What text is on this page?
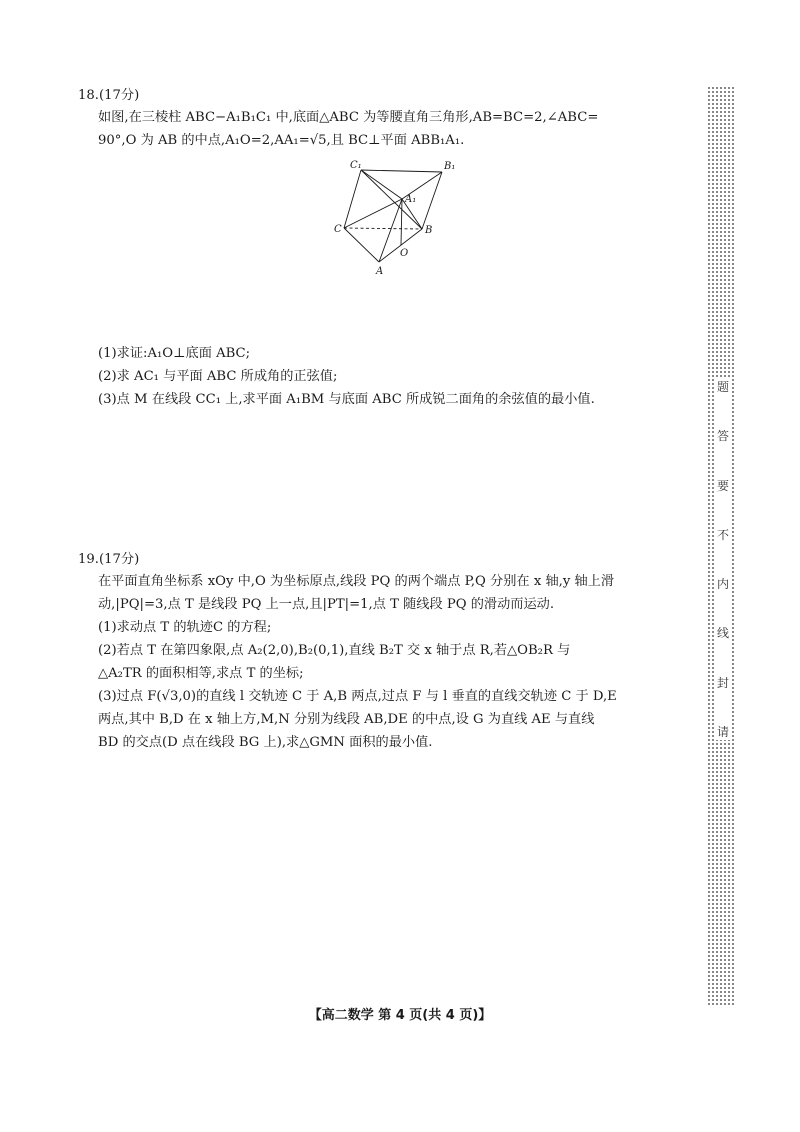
18.(17分)
如图,在三棱柱 ABC−A₁B₁C₁ 中,底面△ABC 为等腰直角三角形,AB=BC=2,∠ABC=
90°,O 为 AB 的中点,A₁O=2,AA₁=√5,且 BC⊥平面 ABB₁A₁.
(1)求证:A₁O⊥底面 ABC;
(2)求 AC₁ 与平面 ABC 所成角的正弦值;
(3)点 M 在线段 CC₁ 上,求平面 A₁BM 与底面 ABC 所成锐二面角的余弦值的最小值.
C₁	B₁
A₁
C	B
O
A
19.(17分)
在平面直角坐标系 xOy 中,O 为坐标原点,线段 PQ 的两个端点 P,Q 分别在 x 轴,y 轴上滑
动,|PQ|=3,点 T 是线段 PQ 上一点,且|PT|=1,点 T 随线段 PQ 的滑动而运动.
(1)求动点 T 的轨迹C 的方程;
(2)若点 T 在第四象限,点 A₂(2,0),B₂(0,1),直线 B₂T 交 x 轴于点 R,若△OB₂R 与
△A₂TR 的面积相等,求点 T 的坐标;
(3)过点 F(√3,0)的直线 l 交轨迹 C 于 A,B 两点,过点 F 与 l 垂直的直线交轨迹 C 于 D,E
两点,其中 B,D 在 x 轴上方,M,N 分别为线段 AB,DE 的中点,设 G 为直线 AE 与直线
BD 的交点(D 点在线段 BG 上),求△GMN 面积的最小值.
题
答
要
不
内
线
封
请
【高二数学 第 4 页(共 4 页)】
